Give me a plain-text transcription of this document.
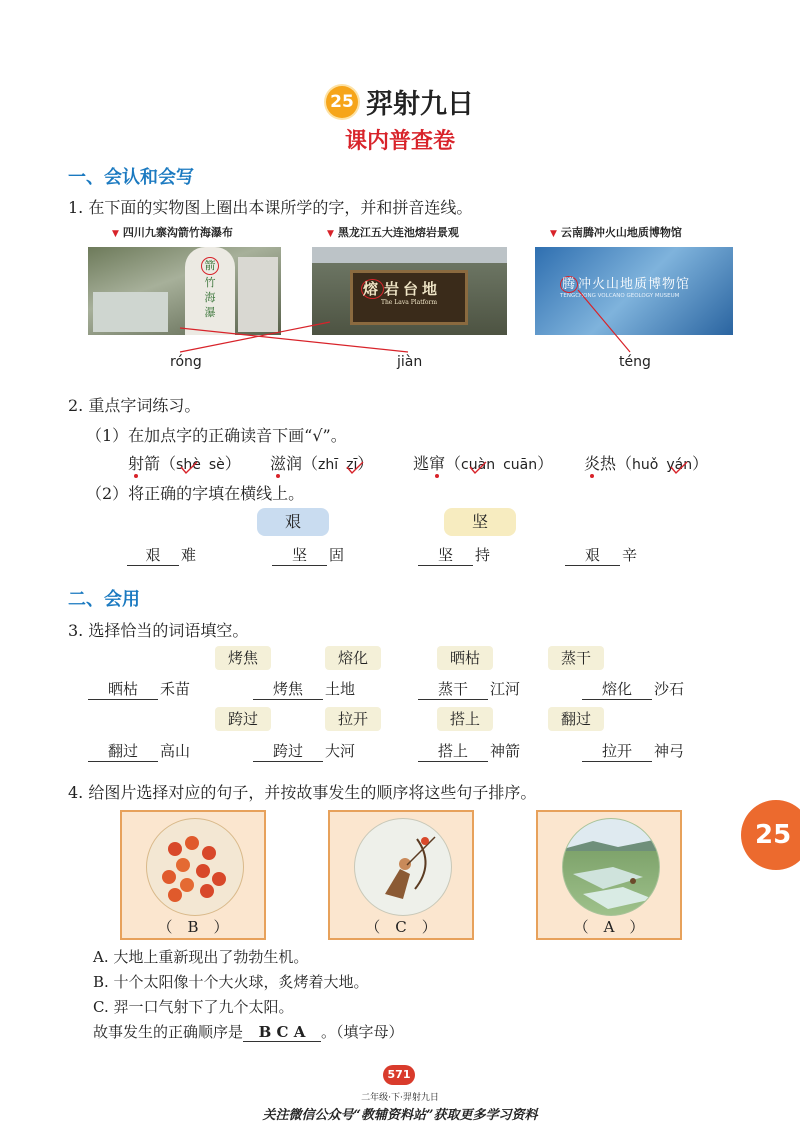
25 羿射九日
课内普查卷
一、会认和会写
1. 在下面的实物图上圈出本课所学的字，并和拼音连线。
▼ 四川九寨沟箭竹海瀑布	▼ 黑龙江五大连池熔岩景观	▼ 云南腾冲火山地质博物馆
箭
竹
海
瀑
熔 岩台地
The Lava Platform
腾 冲火山地质博物馆
TENGCHONG VOLCANO GEOLOGY MUSEUM
róng	jiàn	téng
2. 重点字词练习。
（1）在加点字的正确读音下画“√”。
射箭（shè sè） 滋润（zhī zī
） 逃窜（cuàn cuān） 炎热（huǒ yán
）
（2）将正确的字填在横线上。
艰	坚
艰 难	坚 固	坚 持	艰 辛
二、会用
3. 选择恰当的词语填空。
烤焦	熔化	晒枯	蒸干
晒枯 禾苗	烤焦 土地	蒸干 江河	熔化 沙石
跨过	拉开	搭上	翻过
翻过 高山	跨过 大河	搭上 神箭	拉开 神弓
4. 给图片选择对应的句子，并按故事发生的顺序将这些句子排序。
（　B　）	（　C　）	（　A　）
A. 大地上重新现出了勃勃生机。
B. 十个太阳像十个大火球，炙烤着大地。
C. 羿一口气射下了九个太阳。
故事发生的正确顺序是 B C A 。（填字母）
25
571
二年级·下·羿射九日
关注微信公众号“教辅资料站”获取更多学习资料
